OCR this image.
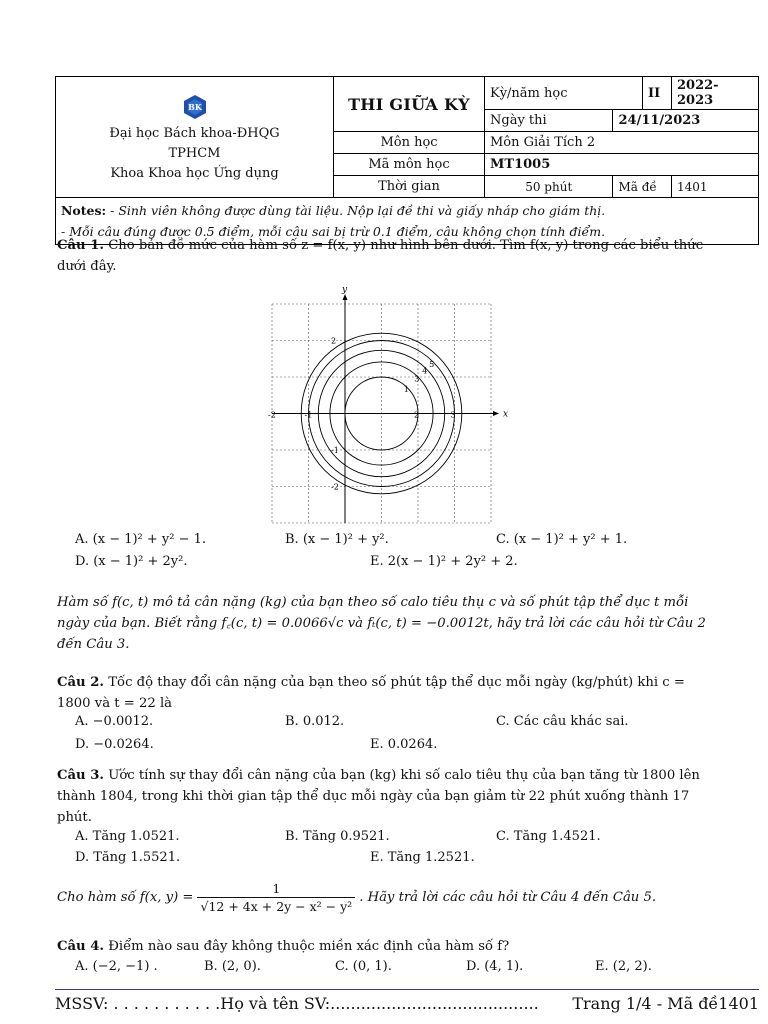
BK
Đại học Bách khoa-ĐHQG
TPHCM
Khoa Khoa học Ứng dụng	THI GIỮA KỲ	Kỳ/năm học		II	2022-2023
		Ngày thi	24/11/2023		
	Môn học	Môn Giải Tích 2			
	Mã môn học	MT1005			
	Thời gian	50 phút	Mã đề		1401
Notes: - Sinh viên không được dùng tài liệu. Nộp lại đề thi và giấy nháp cho giám thị.
- Mỗi câu đúng được 0.5 điểm, mỗi câu sai bị trừ 0.1 điểm, câu không chọn tính điểm.					
Câu 1. Cho bản đồ mức của hàm số z = f(x, y) như hình bên dưới. Tìm f(x, y) trong các biểu thức dưới đây.
x
y
-2	-1	2	3
2
-1
-2
1
3
4
5
A. (x − 1)² + y² − 1.	B. (x − 1)² + y².	C. (x − 1)² + y² + 1.
D. (x − 1)² + 2y².	E. 2(x − 1)² + 2y² + 2.
Hàm số f(c, t) mô tả cân nặng (kg) của bạn theo số calo tiêu thụ c và số phút tập thể dục t mỗi ngày của bạn. Biết rằng f꜀(c, t) = 0.0066√c và fₜ(c, t) = −0.0012t, hãy trả lời các câu hỏi từ Câu 2 đến Câu 3.
Câu 2. Tốc độ thay đổi cân nặng của bạn theo số phút tập thể dục mỗi ngày (kg/phút) khi c = 1800 và t = 22 là
A. −0.0012.	B. 0.012.	C. Các câu khác sai.
D. −0.0264.	E. 0.0264.
Câu 3. Ước tính sự thay đổi cân nặng của bạn (kg) khi số calo tiêu thụ của bạn tăng từ 1800 lên thành 1804, trong khi thời gian tập thể dục mỗi ngày của bạn giảm từ 22 phút xuống thành 17 phút.
A. Tăng 1.0521.	B. Tăng 0.9521.	C. Tăng 1.4521.
D. Tăng 1.5521.	E. Tăng 1.2521.
Cho hàm số f(x, $y) = \frac{1}{\text{√12 + 4x + 2y − x² − y²}}$ . Hãy trả lời các câu hỏi từ Câu 4 đến Câu 5.
Câu 4. Điểm nào sau đây không thuộc miền xác định của hàm số f?
A. (−2, −1) .	B. (2, 0).	C. (0, 1).	D. (4, 1).	E. (2, 2).
MSSV: . . . . . . . . . . .Họ và tên SV:......................................... Trang 1/4 - Mã đề1401
